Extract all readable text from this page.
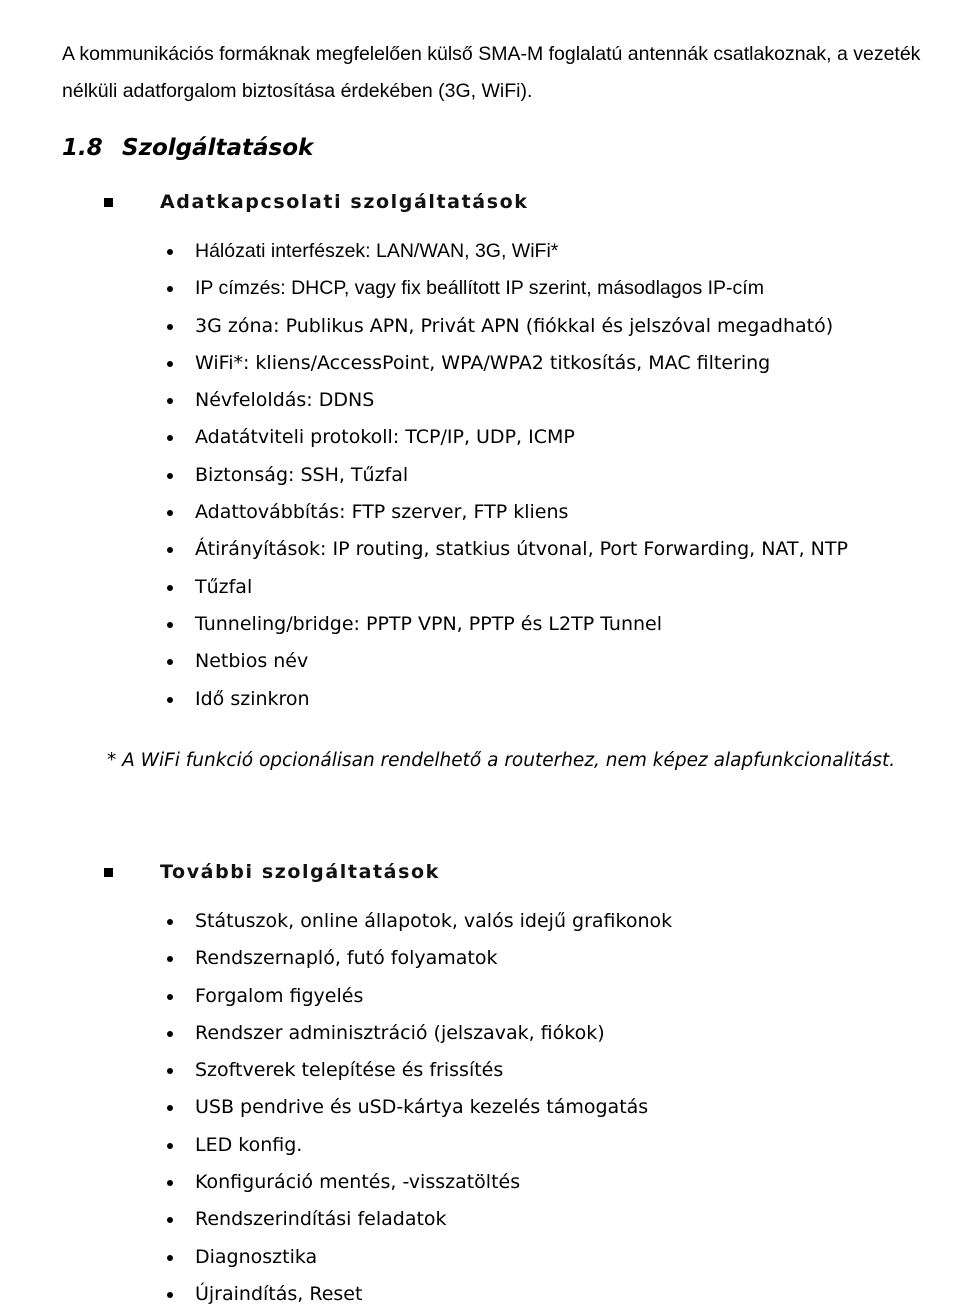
A kommunikációs formáknak megfelelően külső SMA-M foglalatú antennák csatlakoznak, a vezeték
nélküli adatforgalom biztosítása érdekében (3G, WiFi).

1.8 Szolgáltatások
Adatkapcsolati szolgáltatások
Hálózati interfészek: LAN/WAN, 3G, WiFi*
IP címzés: DHCP, vagy fix beállított IP szerint, másodlagos IP-cím
3G zóna: Publikus APN, Privát APN (fiókkal és jelszóval megadható)
WiFi*: kliens/AccessPoint, WPA/WPA2 titkosítás, MAC filtering
Névfeloldás: DDNS
Adatátviteli protokoll: TCP/IP, UDP, ICMP
Biztonság: SSH, Tűzfal
Adattovábbítás: FTP szerver, FTP kliens
Átirányítások: IP routing, statkius útvonal, Port Forwarding, NAT, NTP
Tűzfal
Tunneling/bridge: PPTP VPN, PPTP és L2TP Tunnel
Netbios név
Idő szinkron

* A WiFi funkció opcionálisan rendelhető a routerhez, nem képez alapfunkcionalitást.

További szolgáltatások
Státuszok, online állapotok, valós idejű grafikonok
Rendszernapló, futó folyamatok
Forgalom figyelés
Rendszer adminisztráció (jelszavak, fiókok)
Szoftverek telepítése és frissítés
USB pendrive és uSD-kártya kezelés támogatás
LED konfig.
Konfiguráció mentés, -visszatöltés
Rendszerindítási feladatok
Diagnosztika
Újraindítás, Reset
